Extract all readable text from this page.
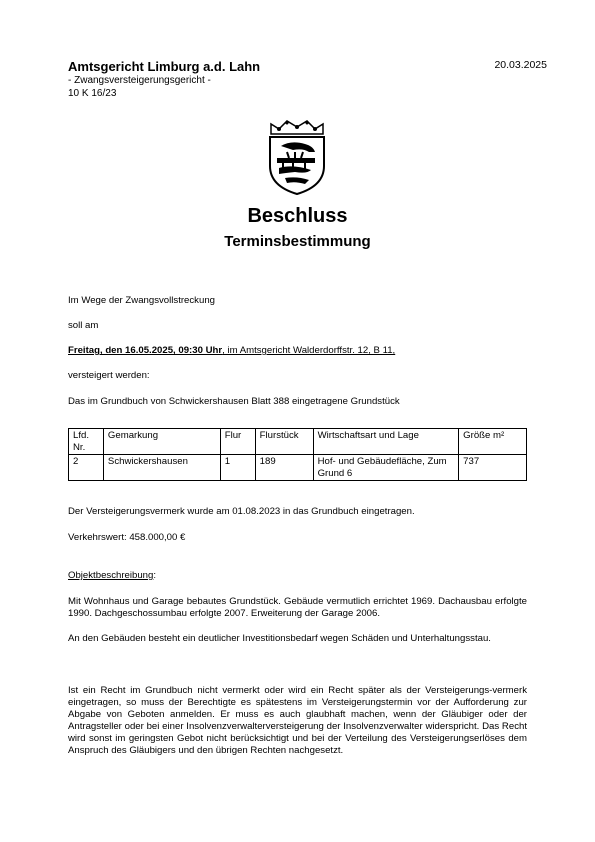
Amtsgericht Limburg a.d. Lahn
- Zwangsversteigerungsgericht -
10 K 16/23
20.03.2025
Beschluss
Terminsbestimmung
Im Wege der Zwangsvollstreckung
soll am
Freitag, den 16.05.2025, 09:30 Uhr, im Amtsgericht Walderdorffstr. 12, B 11,
versteigert werden:
Das im Grundbuch von Schwickershausen Blatt 388 eingetragene Grundstück
Lfd. Nr.	Gemarkung	Flur	Flurstück	Wirtschaftsart und Lage	Größe m²
2	Schwickershausen	1	189	Hof- und Gebäudefläche, Zum Grund 6	737
Der Versteigerungsvermerk wurde am 01.08.2023 in das Grundbuch eingetragen.
Verkehrswert: 458.000,00 €
Objektbeschreibung:
Mit Wohnhaus und Garage bebautes Grundstück. Gebäude vermutlich errichtet 1969. Dachausbau erfolgte 1990. Dachgeschossumbau erfolgte 2007. Erweiterung der Garage 2006.
An den Gebäuden besteht ein deutlicher Investitionsbedarf wegen Schäden und Unterhaltungsstau.
Ist ein Recht im Grundbuch nicht vermerkt oder wird ein Recht später als der Versteigerungs-vermerk eingetragen, so muss der Berechtigte es spätestens im Versteigerungstermin vor der Aufforderung zur Abgabe von Geboten anmelden. Er muss es auch glaubhaft machen, wenn der Gläubiger oder der Antragsteller oder bei einer Insolvenzverwalterversteigerung der Insolvenzverwalter widerspricht. Das Recht wird sonst im geringsten Gebot nicht berücksichtigt und bei der Verteilung des Versteigerungserlöses dem Anspruch des Gläubigers und den übrigen Rechten nachgesetzt.
